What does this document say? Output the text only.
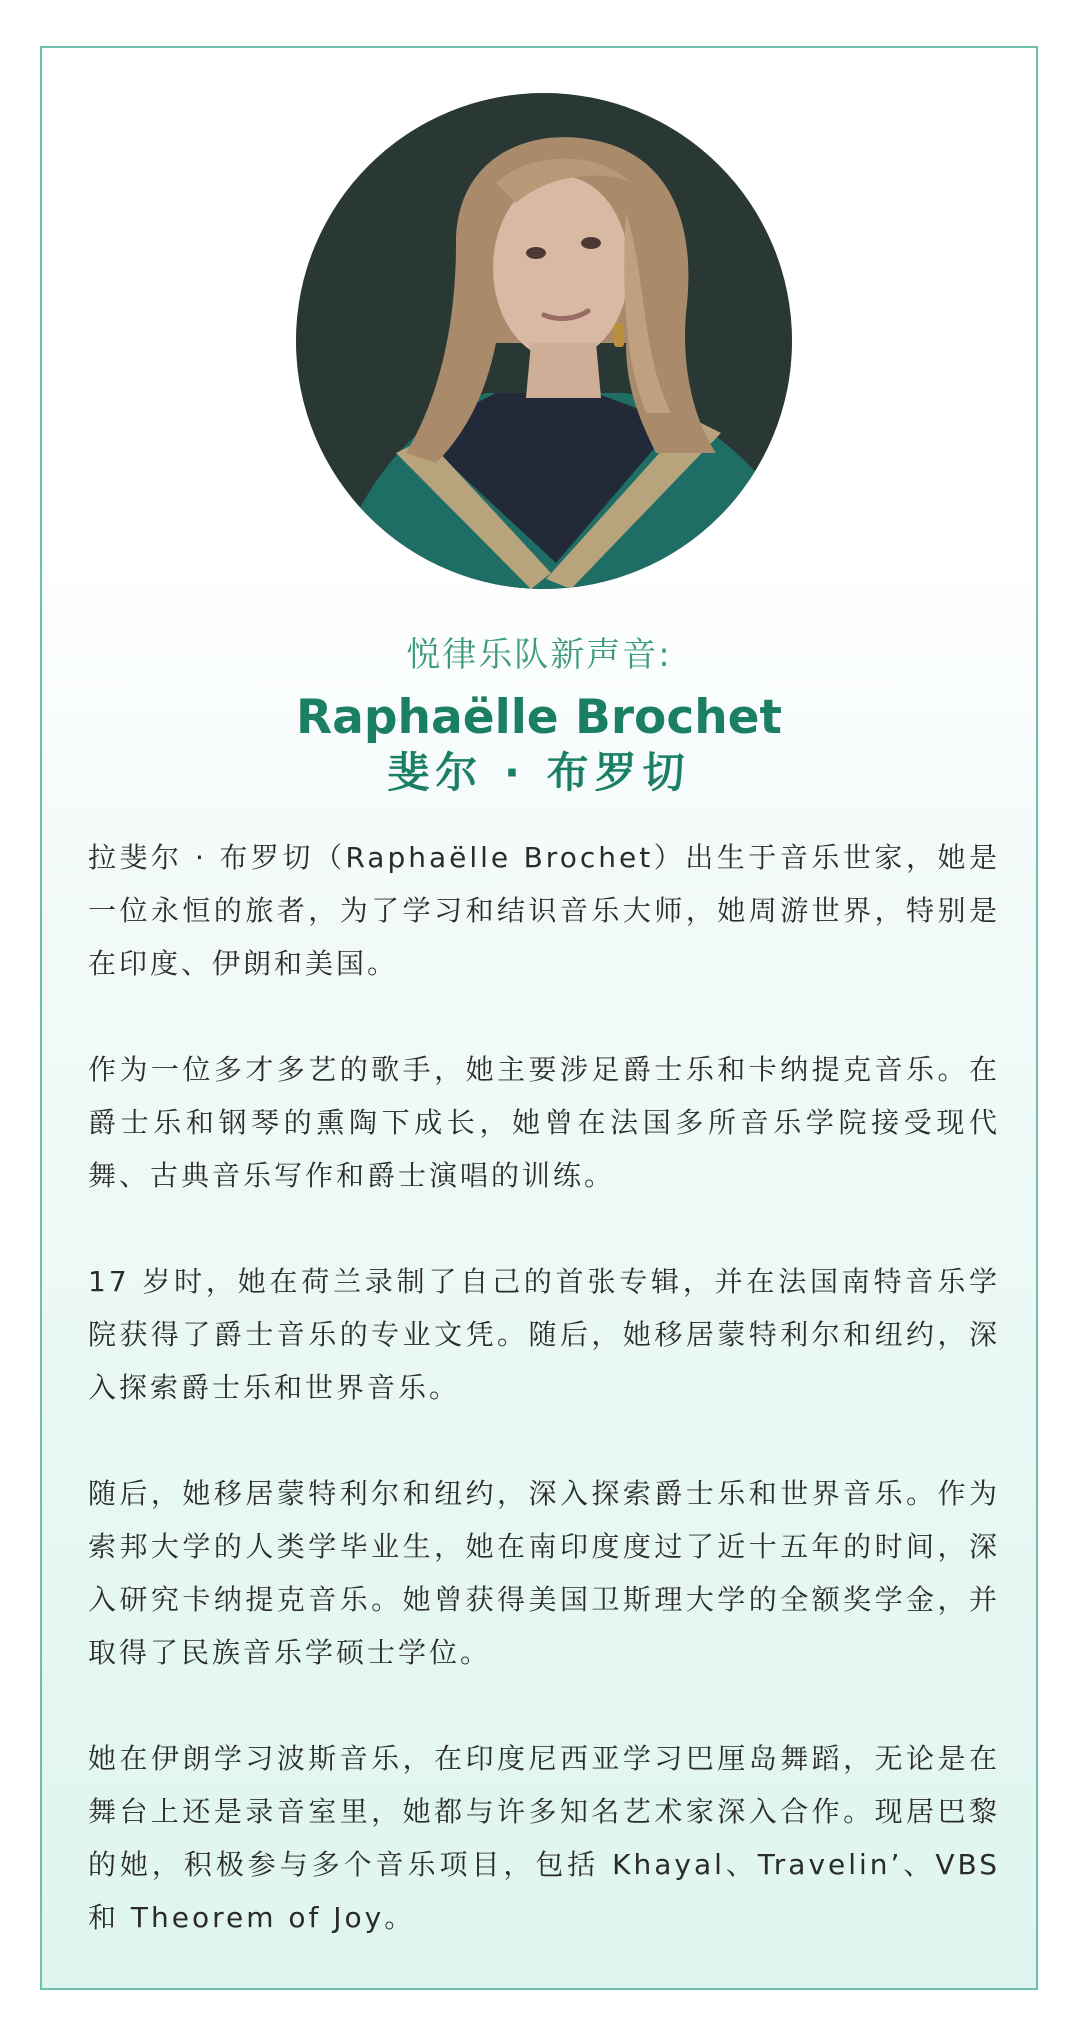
悦律乐队新声音:
Raphaëlle Brochet
斐尔 · 布罗切

拉斐尔 · 布罗切（Raphaëlle Brochet）出生于音乐世家，她是一位永恒的旅者，为了学习和结识音乐大师，她周游世界，特别是在印度、伊朗和美国。

作为一位多才多艺的歌手，她主要涉足爵士乐和卡纳提克音乐。在爵士乐和钢琴的熏陶下成长，她曾在法国多所音乐学院接受现代舞、古典音乐写作和爵士演唱的训练。

17 岁时，她在荷兰录制了自己的首张专辑，并在法国南特音乐学院获得了爵士音乐的专业文凭。随后，她移居蒙特利尔和纽约，深入探索爵士乐和世界音乐。

随后，她移居蒙特利尔和纽约，深入探索爵士乐和世界音乐。作为索邦大学的人类学毕业生，她在南印度度过了近十五年的时间，深入研究卡纳提克音乐。她曾获得美国卫斯理大学的全额奖学金，并取得了民族音乐学硕士学位。

她在伊朗学习波斯音乐，在印度尼西亚学习巴厘岛舞蹈，无论是在舞台上还是录音室里，她都与许多知名艺术家深入合作。现居巴黎的她，积极参与多个音乐项目，包括 Khayal、Travelin’、VBS 和 Theorem of Joy。
